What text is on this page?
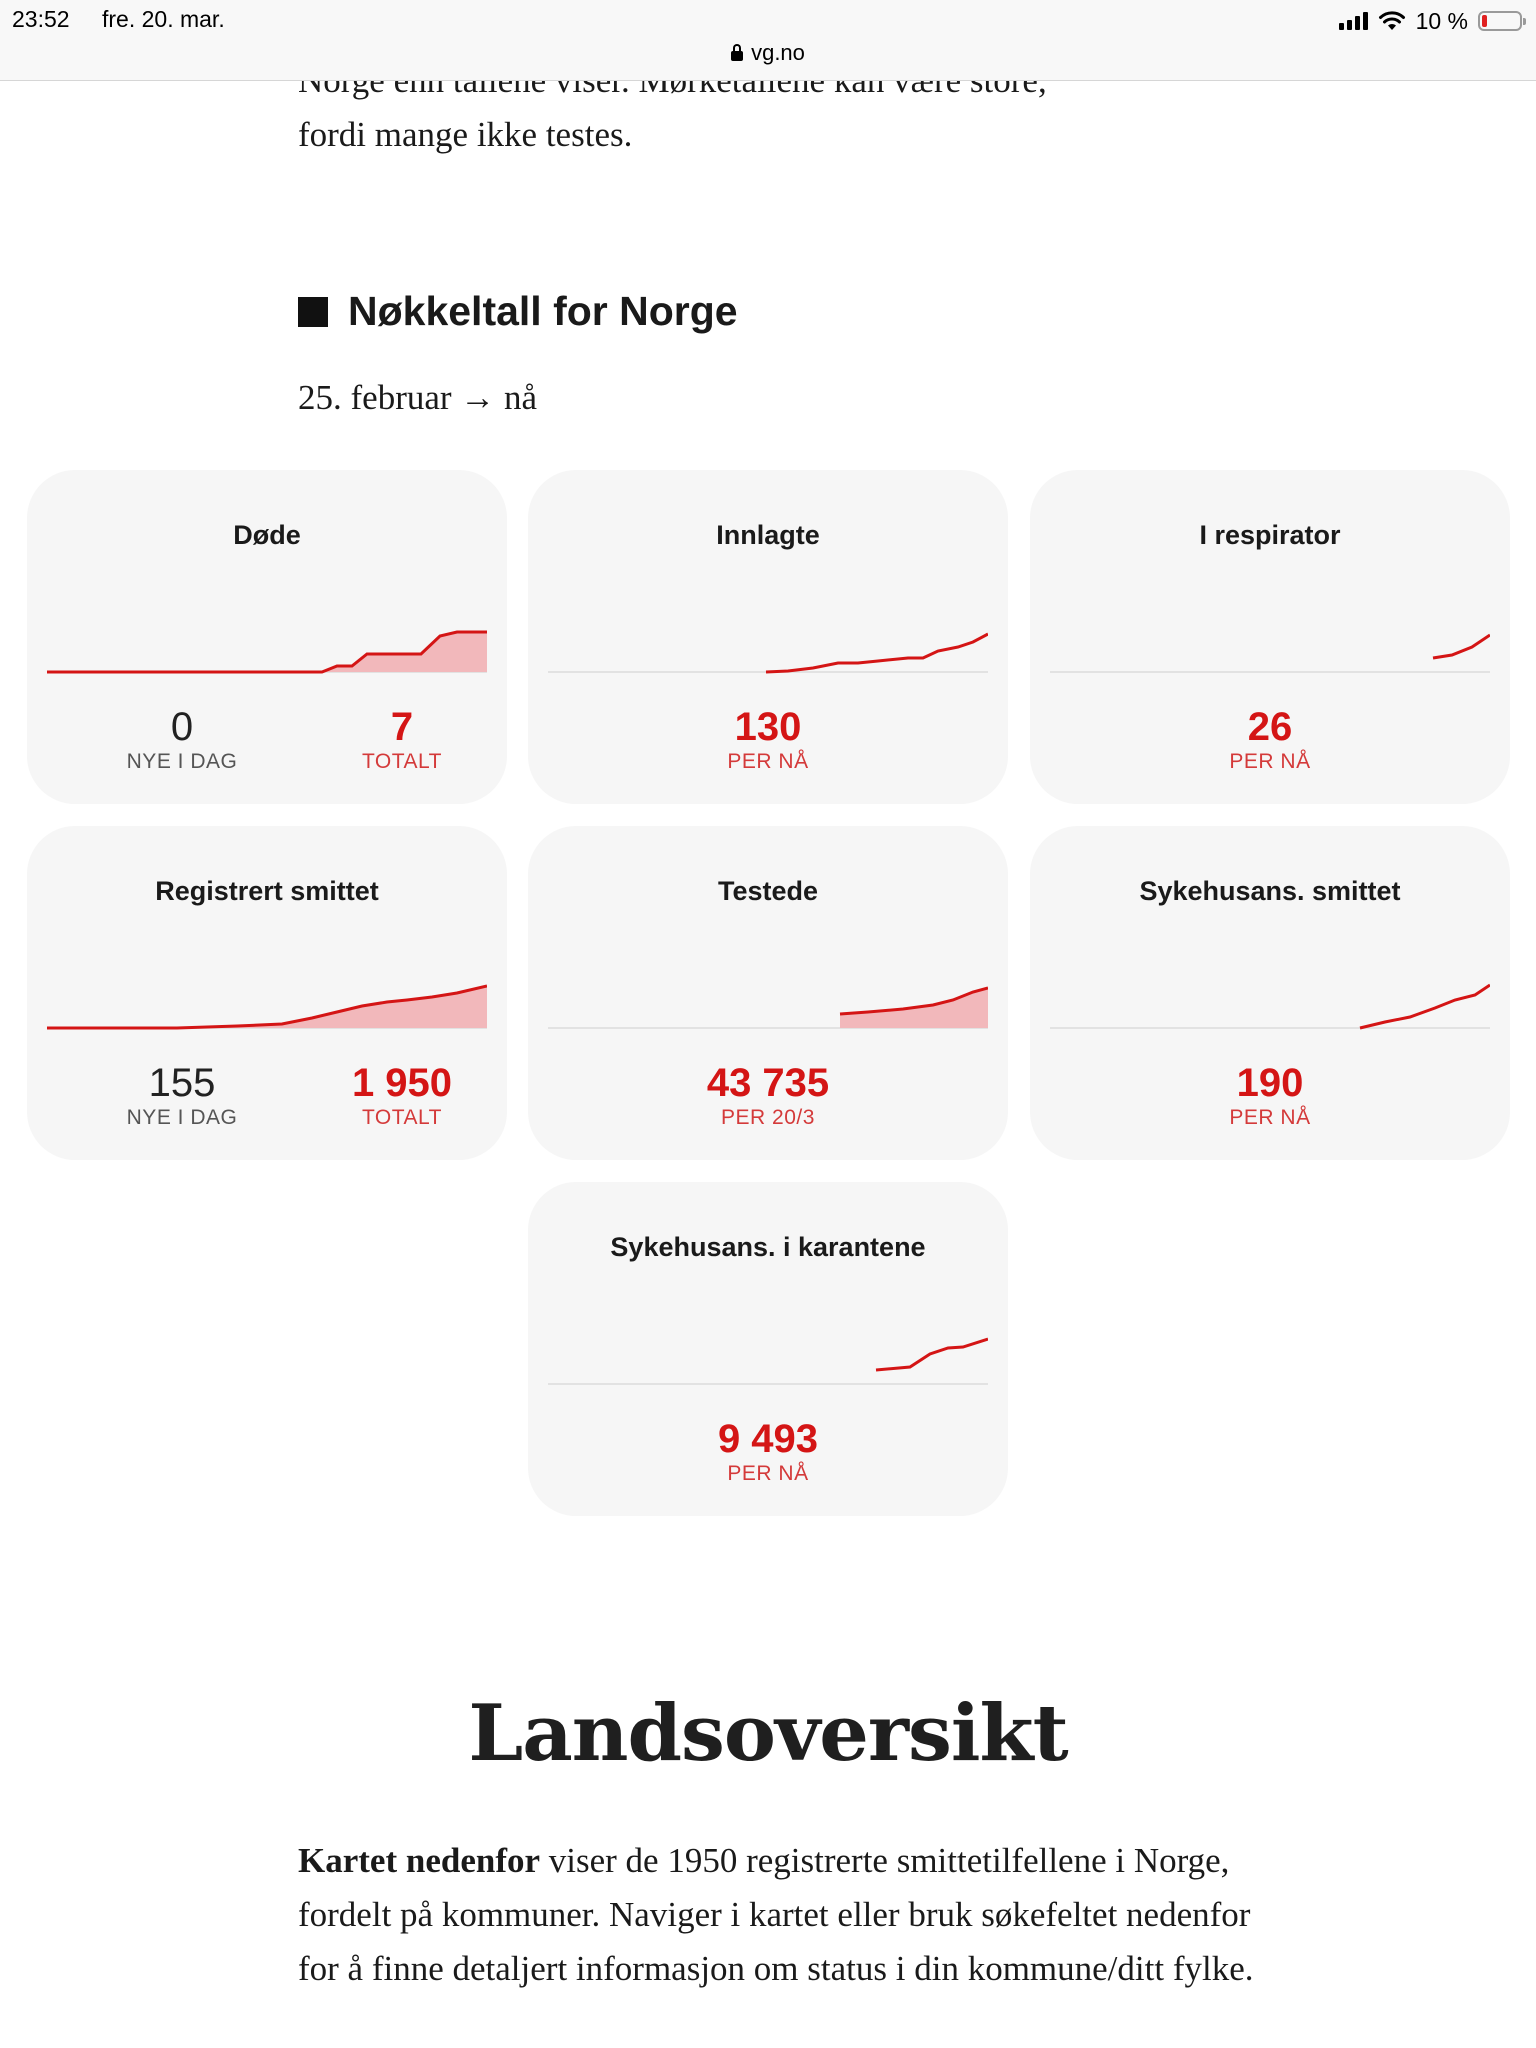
23:52 fre. 20. mar.	10 %
vg.no

fordi mange ikke testes.

Nøkkeltall for Norge

25. februar → nå

Døde
0
NYE I DAG
7
TOTALT
Innlagte
130
PER NÅ
I respirator
26
PER NÅ
Registrert smittet
155
NYE I DAG
1 950
TOTALT
Testede
43 735
PER 20/3
Sykehusans. smittet
190
PER NÅ
Sykehusans. i karantene
9 493
PER NÅ
Landsoversikt

Kartet nedenfor viser de 1950 registrerte smittetilfellene i Norge, fordelt på kommuner. Naviger i kartet eller bruk søkefeltet nedenfor for å finne detaljert informasjon om status i din kommune/ditt fylke.
